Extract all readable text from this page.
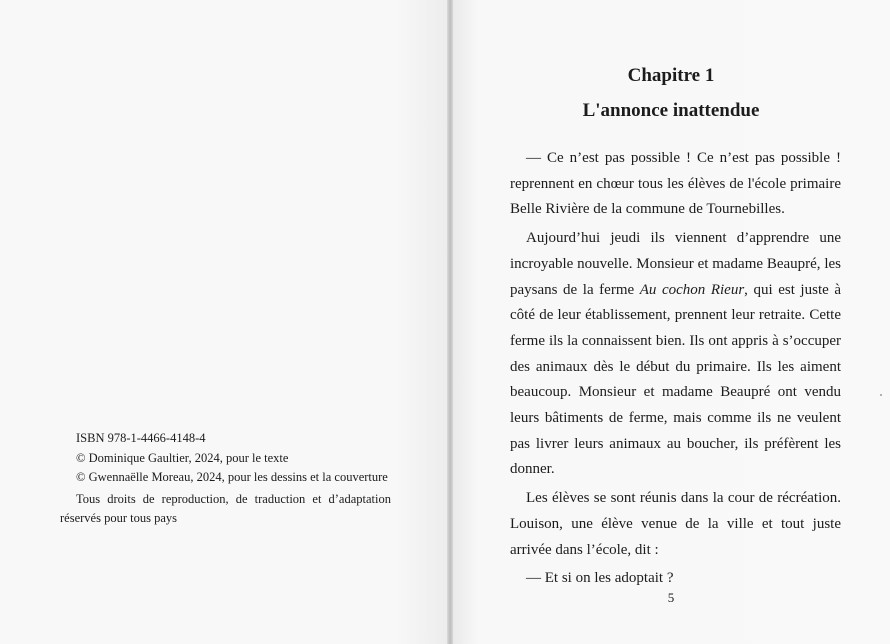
ISBN 978-1-4466-4148-4

© Dominique Gaultier, 2024, pour le texte

© Gwennaëlle Moreau, 2024, pour les dessins et la couverture

Tous droits de reproduction, de traduction et d’adaptation réservés pour tous pays

Chapitre 1
L'annonce inattendue

— Ce n’est pas possible ! Ce n’est pas possible ! reprennent en chœur tous les élèves de l'école primaire Belle Rivière de la commune de Tournebilles.

Aujourd’hui jeudi ils viennent d’apprendre une incroyable nouvelle. Monsieur et madame Beaupré, les paysans de la ferme Au cochon Rieur, qui est juste à côté de leur établissement, prennent leur retraite. Cette ferme ils la connaissent bien. Ils ont appris à s’occuper des animaux dès le début du primaire. Ils les aiment beaucoup. Monsieur et madame Beaupré ont vendu leurs bâtiments de ferme, mais comme ils ne veulent pas livrer leurs animaux au boucher, ils préfèrent les donner.

Les élèves se sont réunis dans la cour de récréation. Louison, une élève venue de la ville et tout juste arrivée dans l’école, dit :

— Et si on les adoptait ?

5
